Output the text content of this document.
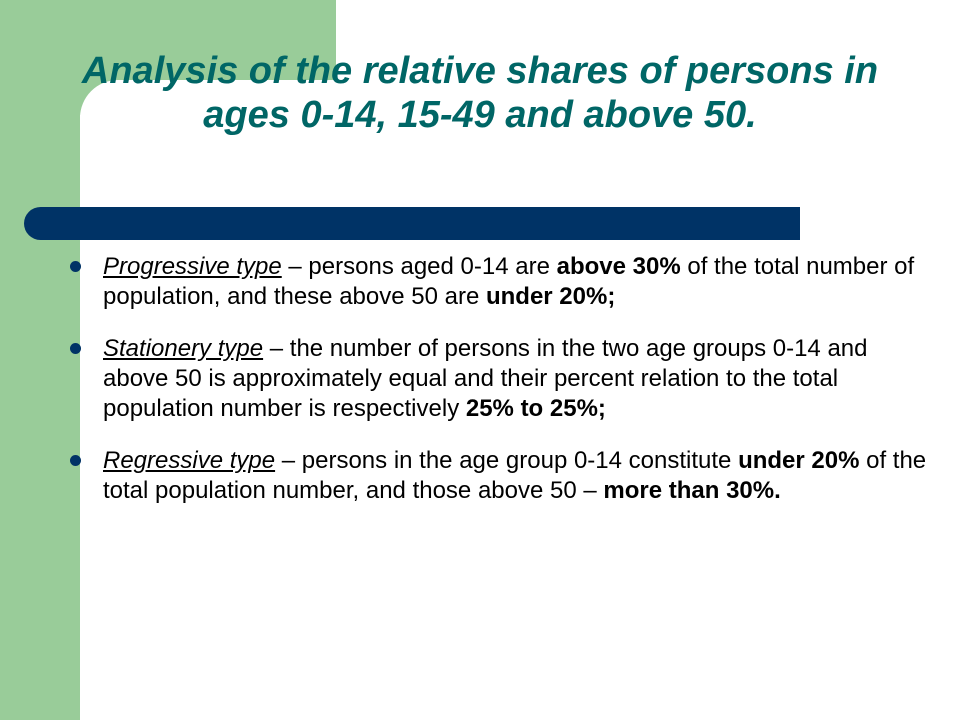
Analysis of the relative shares of persons in ages 0-14, 15-49 and above 50.
Progressive type – persons aged 0-14 are above 30% of the total number of population, and these above 50 are under 20%;
Stationery type – the number of persons in the two age groups 0-14 and above 50 is approximately equal and their percent relation to the total population number is respectively 25% to 25%;
Regressive type – persons in the age group 0-14 constitute under 20% of the total population number, and those above 50 – more than 30%.
